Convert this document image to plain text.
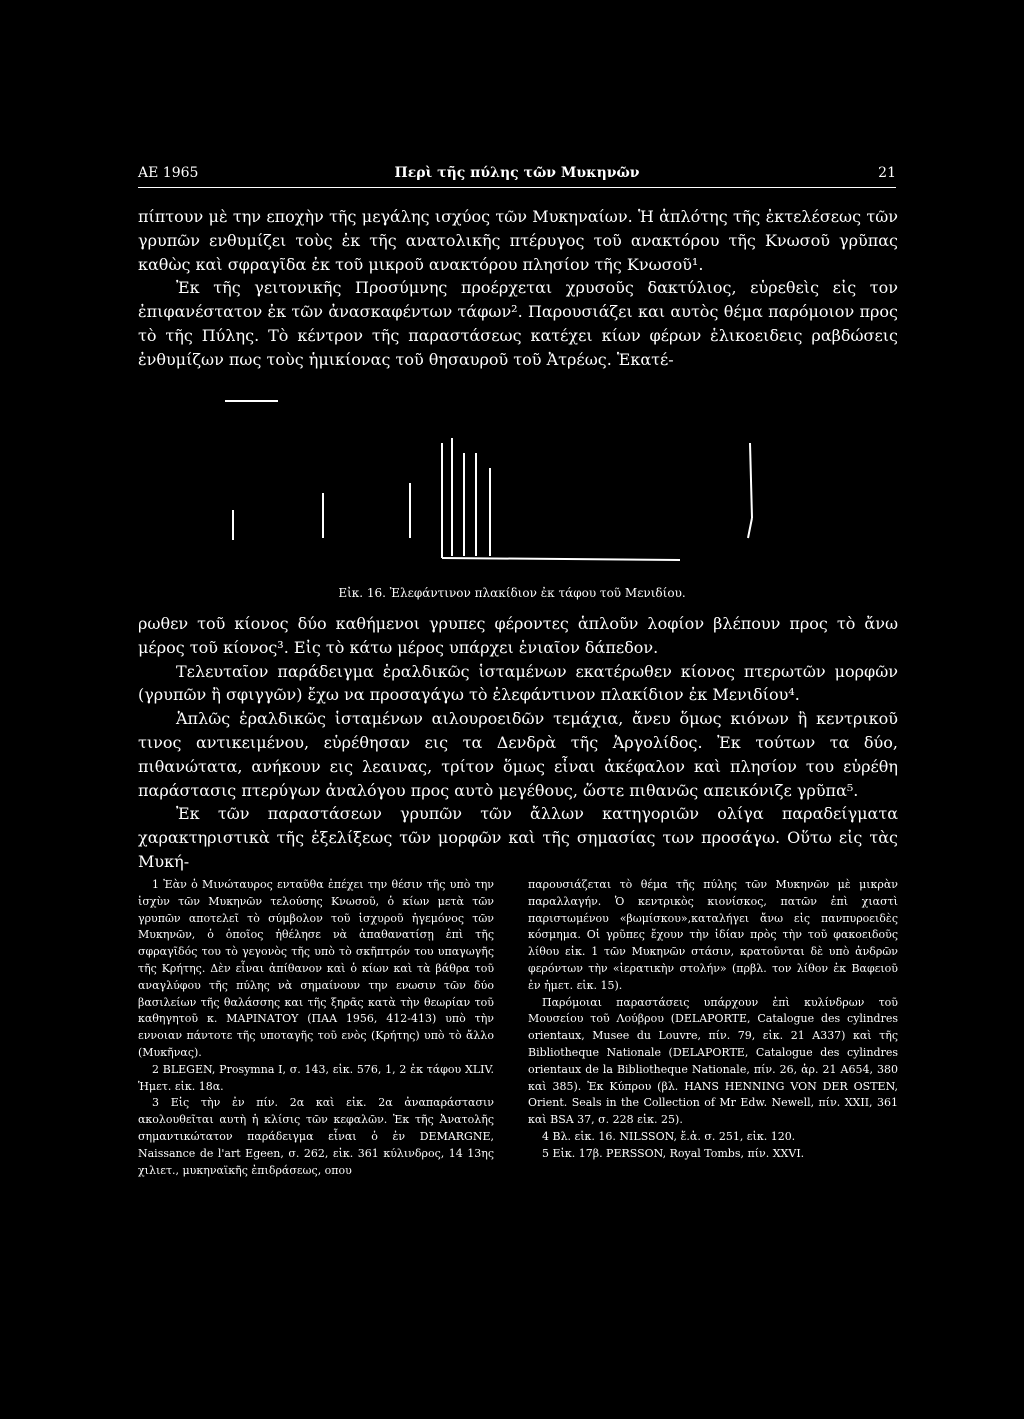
ΑΕ 1965	Περὶ τῆς πύλης τῶν Μυκηνῶν	21

πίπτουν μὲ την εποχὴν τῆς μεγάλης ισχύος τῶν Μυκηναίων. Ἡ ἁπλότης τῆς ἐκτελέσεως τῶν γρυπῶν ενθυμίζει τοὺς ἐκ τῆς ανατολικῆς πτέρυγος τοῦ ανακτόρου τῆς Κνωσοῦ γρῦπας καθὼς καὶ σφραγῖδα ἐκ τοῦ μικροῦ ανακτόρου πλησίον τῆς Κνωσοῦ¹.

Ἐκ τῆς γειτονικῆς Προσύμνης προέρχεται χρυσοῦς δακτύλιος, εὑρεθεὶς εἰς τον ἐπιφανέστατον ἐκ τῶν ἀνασκαφέντων τάφων². Παρουσιάζει και αυτὸς θέμα παρόμοιον προς τὸ τῆς Πύλης. Τὸ κέντρον τῆς παραστάσεως κατέχει κίων φέρων ἑλικοειδεις ραβδώσεις ἐνθυμίζων πως τοὺς ἡμικίονας τοῦ θησαυροῦ τοῦ Ἀτρέως. Ἑκατέ-

Εἰκ. 16. Ἐλεφάντινον πλακίδιον ἐκ τάφου τοῦ Μενιδίου.

ρωθεν τοῦ κίονος δύο καθήμενοι γρυπες φέροντες ἁπλοῦν λοφίον βλέπουν προς τὸ ἄνω μέρος τοῦ κίονος³. Εἰς τὸ κάτω μέρος υπάρχει ἑνιαῖον δάπεδον.

Τελευταῖον παράδειγμα ἑραλδικῶς ἱσταμένων εκατέρωθεν κίονος πτερωτῶν μορφῶν (γρυπῶν ἢ σφιγγῶν) ἔχω να προσαγάγω τὸ ἐλεφάντινον πλακίδιον ἐκ Μενιδίου⁴.

Ἁπλῶς ἑραλδικῶς ἱσταμένων αιλουροειδῶν τεμάχια, ἄνευ ὅμως κιόνων ἢ κεντρικοῦ τινος αντικειμένου, εὑρέθησαν εις τα Δενδρὰ τῆς Ἀργολίδος. Ἐκ τούτων τα δύο, πιθανώτατα, ανήκουν εις λεαινας, τρίτον ὅμως εἶναι ἀκέφαλον καὶ πλησίον του εὑρέθη παράστασις πτερύγων ἀναλόγου προς αυτὸ μεγέθους, ὥστε πιθανῶς απεικόνιζε γρῦπα⁵.

Ἐκ τῶν παραστάσεων γρυπῶν τῶν ἄλλων κατηγοριῶν ολίγα παραδείγματα χαρακτηριστικὰ τῆς ἐξελίξεως τῶν μορφῶν καὶ τῆς σημασίας των προσάγω. Οὕτω εἰς τὰς Μυκή-

1 Ἐὰν ὁ Μινώταυρος ενταῦθα ἐπέχει την θέσιν τῆς υπὸ την ἰσχὺν τῶν Μυκηνῶν τελούσης Κνωσοῦ, ὁ κίων μετὰ τῶν γρυπῶν αποτελεῖ τὸ σύμβολον τοῦ ἰσχυροῦ ἡγεμόνος τῶν Μυκηνῶν, ὁ ὁποῖος ἠθέλησε νὰ ἀπαθανατίσῃ ἐπὶ τῆς σφραγῖδός του τὸ γεγονὸς τῆς υπὸ τὸ σκῆπτρόν του υπαγωγῆς τῆς Κρήτης. Δὲν εἶναι ἀπίθανον καὶ ὁ κίων καὶ τὰ βάθρα τοῦ αναγλύφου τῆς πύλης νὰ σημαίνουν την ενωσιν τῶν δύο βασιλείων τῆς θαλάσσης και τῆς ξηρᾶς κατὰ τὴν θεωρίαν τοῦ καθηγητοῦ κ. ΜΑΡΙΝΑΤΟΥ (ΠΑΑ 1956, 412-413) υπὸ τὴν εννοιαν πάντοτε τῆς υποταγῆς τοῦ ενὸς (Κρήτης) υπὸ τὸ ἄλλο (Μυκῆνας).

2 BLEGEN, Prosymna I, σ. 143, εἰκ. 576, 1, 2 ἐκ τάφου XLIV. Ἡμετ. εἰκ. 18α.

3 Εἰς τὴν ἐν πίν. 2α καὶ εἰκ. 2α ἀναπαράστασιν ακολουθεῖται αυτὴ ἡ κλίσις τῶν κεφαλῶν. Ἐκ τῆς Ἀνατολῆς σημαντικώτατον παράδειγμα εἶναι ὁ ἐν DEMARGNE, Naissance de l'art Egeen, σ. 262, εἰκ. 361 κύλινδρος, 14 13ης χιλιετ., μυκηναϊκῆς ἐπιδράσεως, οπου

παρουσιάζεται τὸ θέμα τῆς πύλης τῶν Μυκηνῶν μὲ μικρὰν παραλλαγήν. Ὁ κεντρικὸς κιονίσκος, πατῶν ἐπὶ χιαστὶ παριστωμένου «βωμίσκου»,καταλήγει ἄνω εἰς πανπυροειδὲς κόσμημα. Οἱ γρῦπες ἔχουν τὴν ἰδίαν πρὸς τὴν τοῦ φακοειδοῦς λίθου εἰκ. 1 τῶν Μυκηνῶν στάσιν, κρατοῦνται δὲ υπὸ ἀνδρῶν φερόντων τὴν «ἱερατικὴν στολήν» (πρβλ. τον λίθον ἐκ Βαφειοῦ ἐν ἡμετ. εἰκ. 15).

Παρόμοιαι παραστάσεις υπάρχουν ἐπὶ κυλίνδρων τοῦ Μουσείου τοῦ Λούβρου (DELAPORTE, Catalogue des cylindres orientaux, Musee du Louvre, πίν. 79, εἰκ. 21 A337) καὶ τῆς Bibliotheque Nationale (DELAPORTE, Catalogue des cylindres orientaux de la Bibliotheque Nationale, πίν. 26, ἀρ. 21 A654, 380 καὶ 385). Ἐκ Κύπρου (βλ. HANS HENNING VON DER OSTEN, Orient. Seals in the Collection of Mr Edw. Newell, πίν. XXII, 361 καὶ BSA 37, σ. 228 εἰκ. 25).

4 Βλ. εἰκ. 16. NILSSON, ἔ.ἀ. σ. 251, εἰκ. 120.

5 Εἰκ. 17β. PERSSON, Royal Tombs, πίν. XXVI.
